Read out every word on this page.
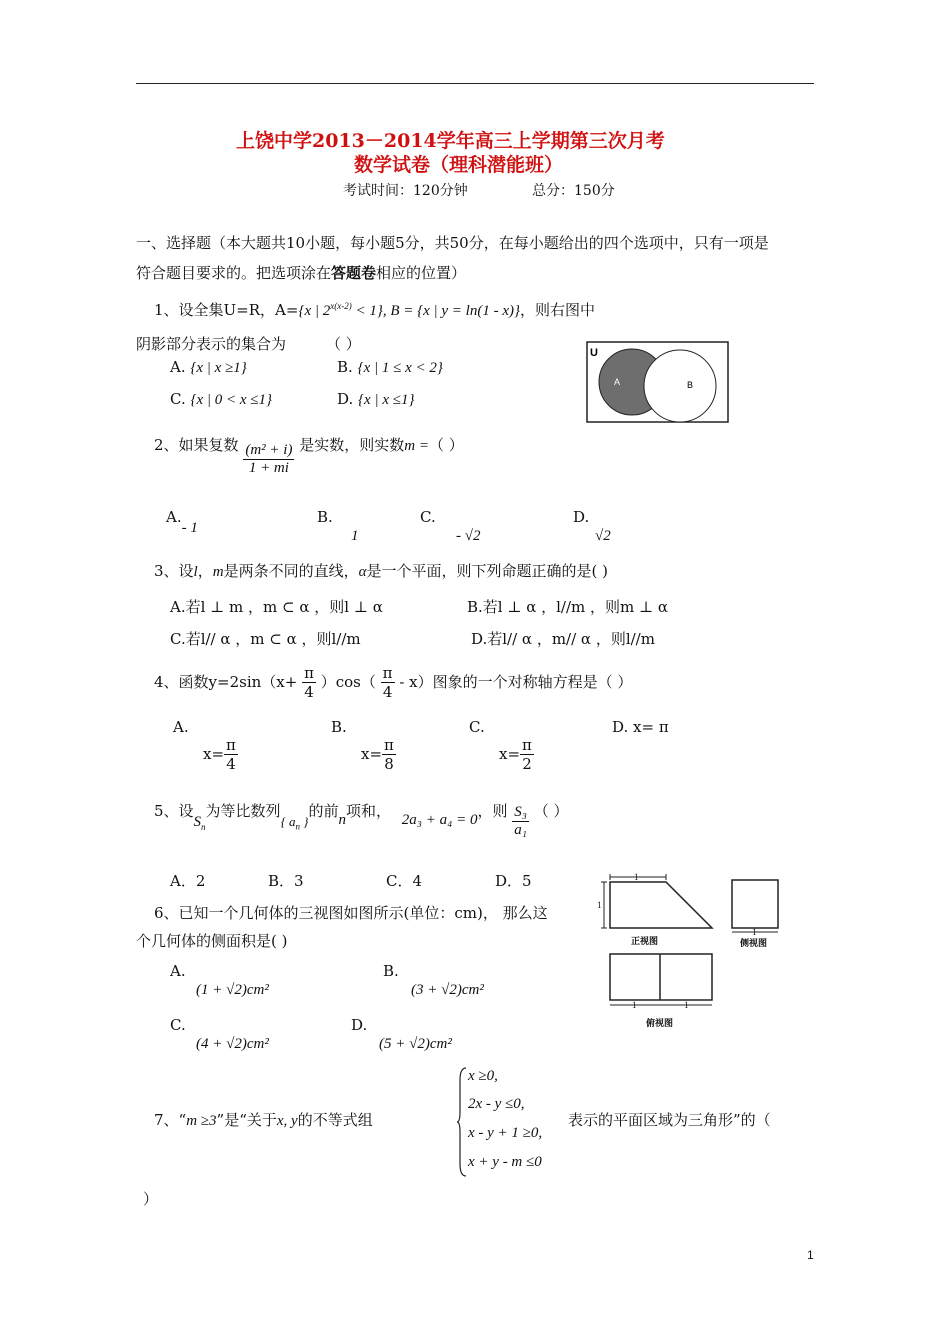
上饶中学2013－2014学年高三上学期第三次月考
数学试卷（理科潜能班）
考试时间：120分钟	总分：150分
一、选择题（本大题共10小题，每小题5分，共50分，在每小题给出的四个选项中，只有一项是
符合题目要求的。把选项涂在答题卷相应的位置）
1、设全集U=R，A={x | $2^{x(x-2)} < 1$}, B = {x | y = ln(1 - x)}，则右图中
阴影部分表示的集合为	（ ）
A. {x | x ≥1}	B. {x | 1 ≤ x < 2}
C. {x | 0 < x ≤1}	D. {x | x ≤1}
U
A	B
2、如果复数 $\frac{\text{(m² + i)}}{1 + mi}$ 是实数，则实数m =（ ）
A.- 1
B.
1
C.
- √2
D.
√2
3、设l，m是两条不同的直线，α是一个平面，则下列命题正确的是( )
A.若l ⊥ m ，m ⊂ α ，则l ⊥ α	B.若l ⊥ α ，l//m ，则m ⊥ α
C.若l// α ，m ⊂ α ，则l//m	D.若l// α ，m// α ，则l//m
4、函数$y=2\sin(x+ \frac{\pi}{4} )\cos( \frac{\pi}{4} - x)$图象的一个对称轴方程是（ ）
A.
$x= \frac{\pi}{4}$
B.
$x= \frac{\pi}{8}$
C.
$x= \frac{\pi}{2}$
D. x= π
5、设$S_n$为等比数列{ $a_n$ }的前n项和， 2a₃ + a₄ = 0，则 $\frac{\text{S₃}}{\text{a₁}}$ （ ）
A．2	B．3	C．4	D．5
6、已知一个几何体的三视图如图所示(单位：cm)， 那么这
个几何体的侧面积是( )
A.
(1 + √2)cm²
B.
(3 + √2)cm²
C.
(4 + √2)cm²
D.
(5 + √2)cm²
1
1
正视图
1
侧视图
1	1
俯视图
7、“m ≥3”是“关于x, y的不等式组
x ≥0,
2x - y ≤0,
x - y + 1 ≥0,
x + y - m ≤0
表示的平面区域为三角形”的（
）
1
